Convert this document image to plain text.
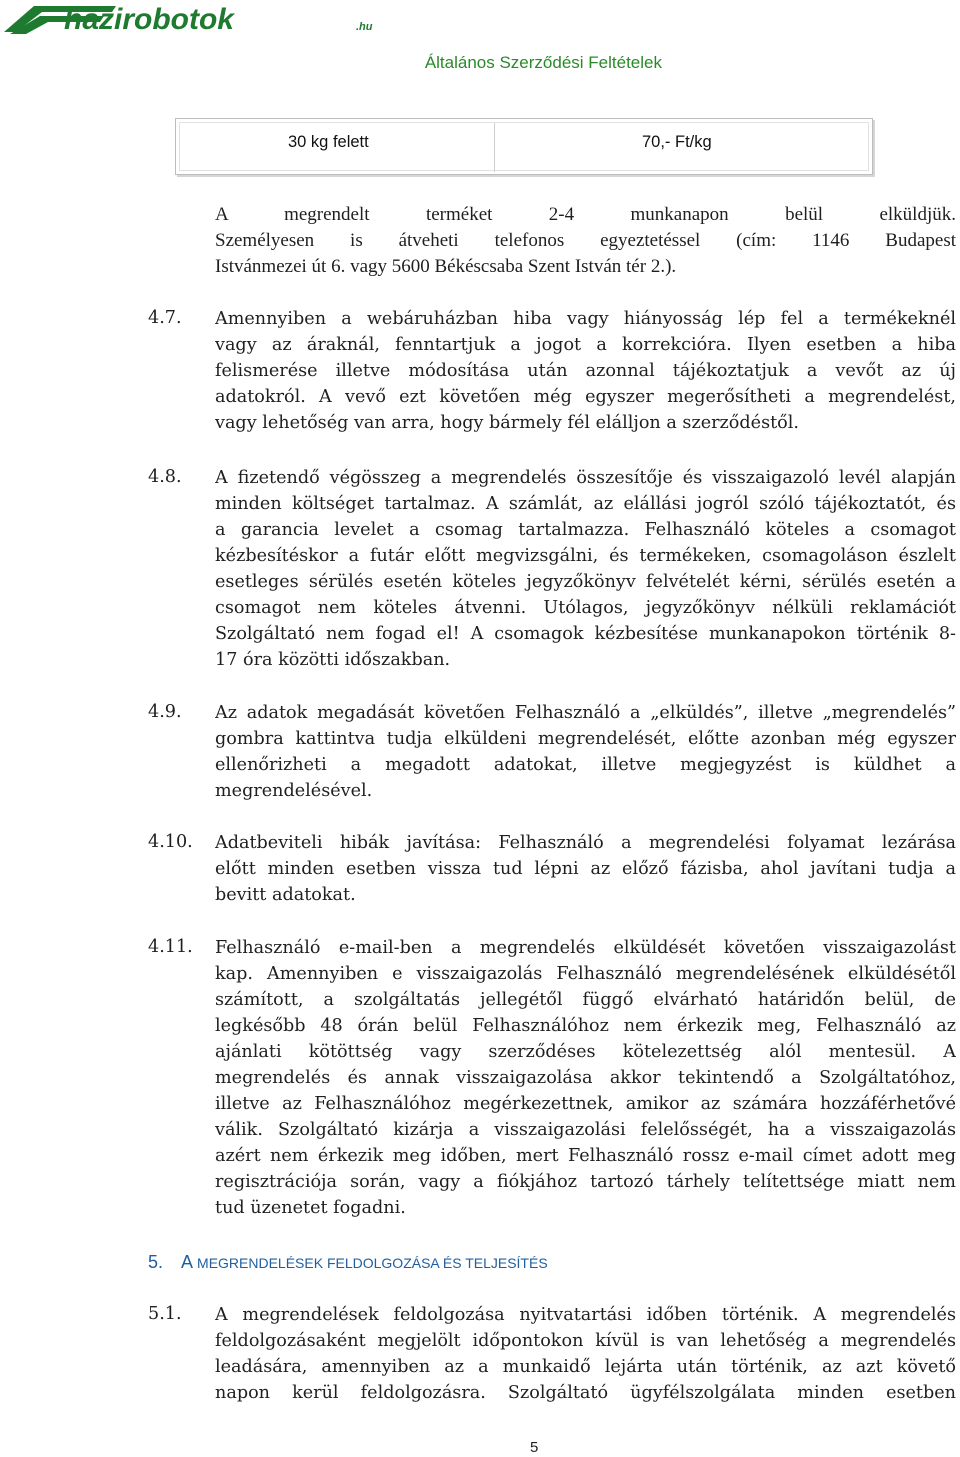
házirobotok	.hu
Általános Szerződési Feltételek
30 kg felett	70,- Ft/kg
A megrendelt terméket 2-4 munkanapon belül elküldjük.
Személyesen is átveheti telefonos egyeztetéssel (cím: 1146 Budapest
Istvánmezei út 6. vagy 5600 Békéscsaba Szent István tér 2.).
4.7. Amennyiben a webáruházban hiba vagy hiányosság lép fel a termékeknél
vagy az áraknál, fenntartjuk a jogot a korrekcióra. Ilyen esetben a hiba
felismerése illetve módosítása után azonnal tájékoztatjuk a vevőt az új
adatokról. A vevő ezt követően még egyszer megerősítheti a megrendelést,
vagy lehetőség van arra, hogy bármely fél elálljon a szerződéstől.
4.8. A fizetendő végösszeg a megrendelés összesítője és visszaigazoló levél alapján
minden költséget tartalmaz. A számlát, az elállási jogról szóló tájékoztatót, és
a garancia levelet a csomag tartalmazza. Felhasználó köteles a csomagot
kézbesítéskor a futár előtt megvizsgálni, és termékeken, csomagoláson észlelt
esetleges sérülés esetén köteles jegyzőkönyv felvételét kérni, sérülés esetén a
csomagot nem köteles átvenni. Utólagos, jegyzőkönyv nélküli reklamációt
Szolgáltató nem fogad el! A csomagok kézbesítése munkanapokon történik 8-
17 óra közötti időszakban.
4.9. Az adatok megadását követően Felhasználó a „elküldés”, illetve „megrendelés”
gombra kattintva tudja elküldeni megrendelését, előtte azonban még egyszer
ellenőrizheti a megadott adatokat, illetve megjegyzést is küldhet a
megrendelésével.
4.10. Adatbeviteli hibák javítása: Felhasználó a megrendelési folyamat lezárása
előtt minden esetben vissza tud lépni az előző fázisba, ahol javítani tudja a
bevitt adatokat.
4.11. Felhasználó e-mail-ben a megrendelés elküldését követően visszaigazolást
kap. Amennyiben e visszaigazolás Felhasználó megrendelésének elküldésétől
számított, a szolgáltatás jellegétől függő elvárható határidőn belül, de
legkésőbb 48 órán belül Felhasználóhoz nem érkezik meg, Felhasználó az
ajánlati kötöttség vagy szerződéses kötelezettség alól mentesül. A
megrendelés és annak visszaigazolása akkor tekintendő a Szolgáltatóhoz,
illetve az Felhasználóhoz megérkezettnek, amikor az számára hozzáférhetővé
válik. Szolgáltató kizárja a visszaigazolási felelősségét, ha a visszaigazolás
azért nem érkezik meg időben, mert Felhasználó rossz e-mail címet adott meg
regisztrációja során, vagy a fiókjához tartozó tárhely telítettsége miatt nem
tud üzenetet fogadni.
5. A MEGRENDELÉSEK FELDOLGOZÁSA ÉS TELJESÍTÉS
5.1. A megrendelések feldolgozása nyitvatartási időben történik. A megrendelés
feldolgozásaként megjelölt időpontokon kívül is van lehetőség a megrendelés
leadására, amennyiben az a munkaidő lejárta után történik, az azt követő
napon kerül feldolgozásra. Szolgáltató ügyfélszolgálata minden esetben
5
